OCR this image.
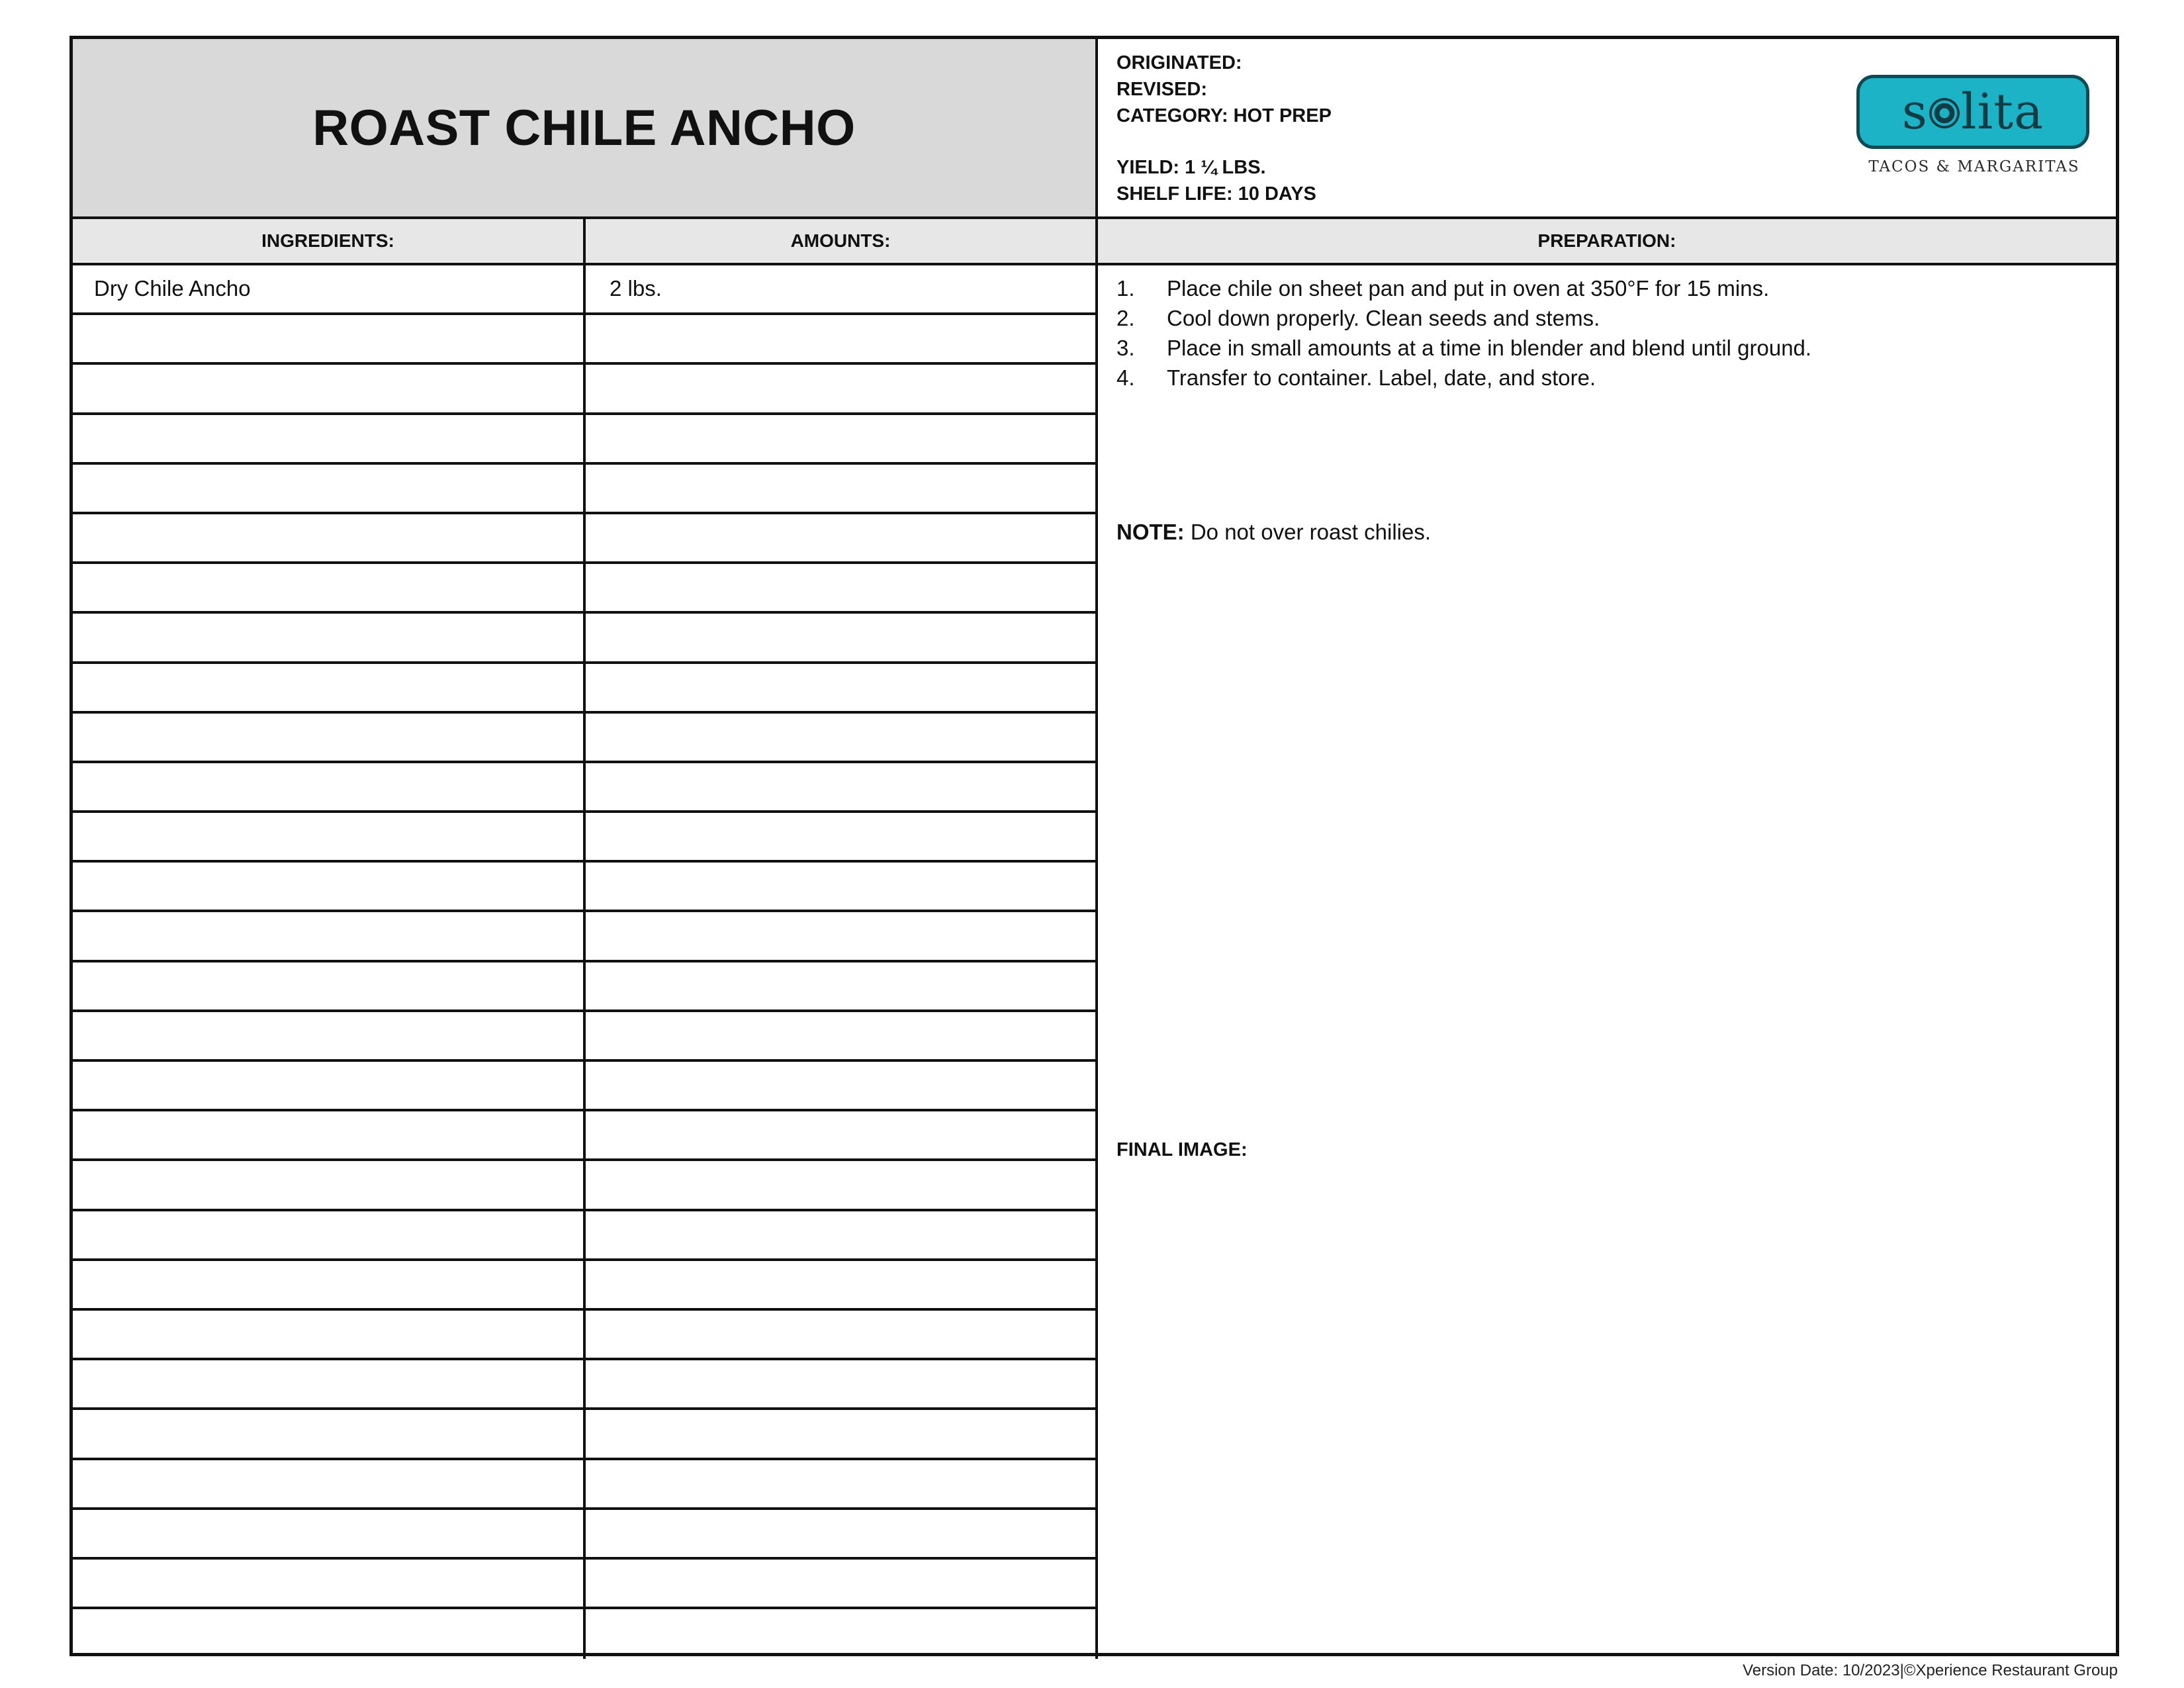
ROAST CHILE ANCHO
ORIGINATED:
REVISED:
CATEGORY: HOT PREP
YIELD: 1 ¼ LBS.
SHELF LIFE: 10 DAYS
s lita
TACOS & MARGARITAS
INGREDIENTS:	AMOUNTS:	PREPARATION:
Dry Chile Ancho	2 lbs.	1.	Place chile on sheet pan and put in oven at 350°F for 15 mins.
2.	Cool down properly. Clean seeds and stems.
3.	Place in small amounts at a time in blender and blend until ground.
4.	Transfer to container. Label, date, and store.
NOTE: Do not over roast chilies.
FINAL IMAGE:
Version Date: 10/2023|©Xperience Restaurant Group
